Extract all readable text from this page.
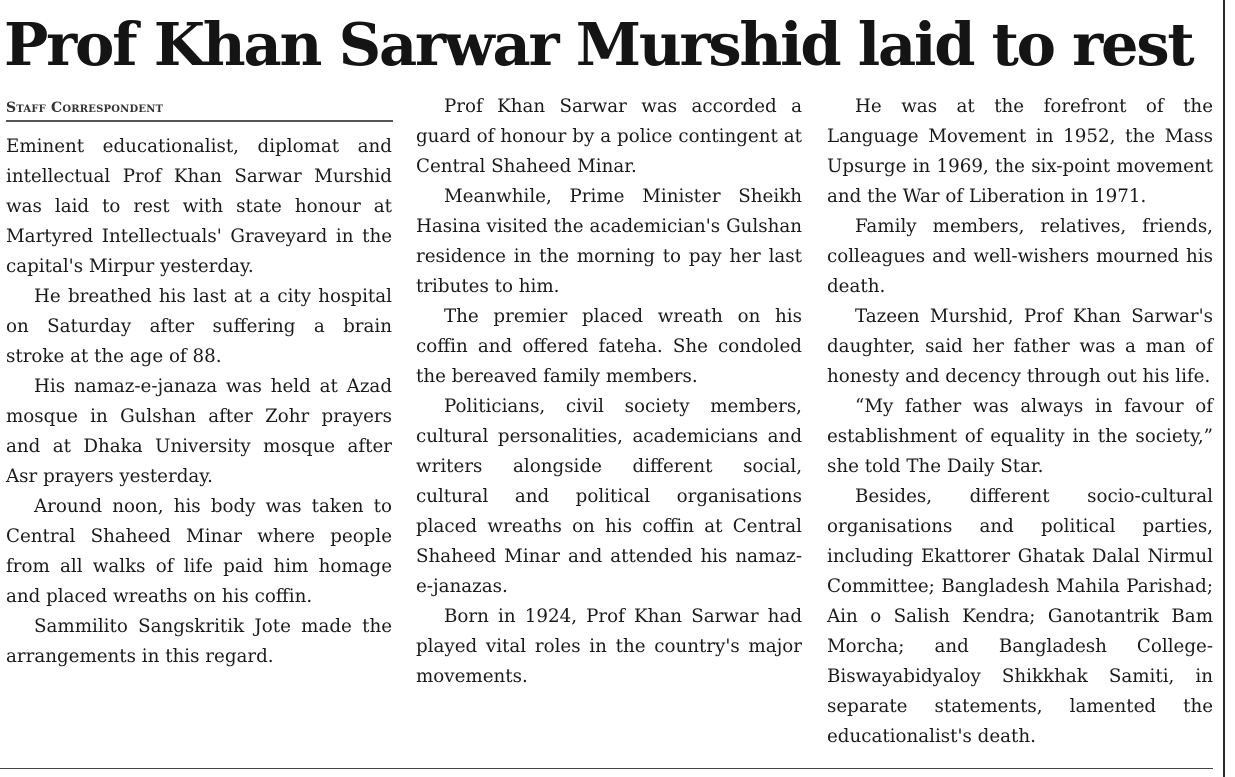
Prof Khan Sarwar Murshid laid to rest
Staff Correspondent

Eminent educationalist, diplomat and intellectual Prof Khan Sarwar Murshid was laid to rest with state honour at Martyred Intellectuals' Graveyard in the capital's Mirpur yesterday.

He breathed his last at a city hospital on Saturday after suffering a brain stroke at the age of 88.

His namaz-e-janaza was held at Azad mosque in Gulshan after Zohr prayers and at Dhaka University mosque after Asr prayers yesterday.

Around noon, his body was taken to Central Shaheed Minar where people from all walks of life paid him homage and placed wreaths on his coffin.

Sammilito Sangskritik Jote made the arrangements in this regard.

Prof Khan Sarwar was accorded a guard of honour by a police contingent at Central Shaheed Minar.

Meanwhile, Prime Minister Sheikh Hasina visited the academician's Gulshan residence in the morning to pay her last tributes to him.

The premier placed wreath on his coffin and offered fateha. She condoled the bereaved family members.

Politicians, civil society members, cultural personalities, academicians and writers alongside different social, cultural and political organisations placed wreaths on his coffin at Central Shaheed Minar and attended his namaz-e-janazas.

Born in 1924, Prof Khan Sarwar had played vital roles in the country's major movements.

He was at the forefront of the Language Movement in 1952, the Mass Upsurge in 1969, the six-point movement and the War of Liberation in 1971.

Family members, relatives, friends, colleagues and well-wishers mourned his death.

Tazeen Murshid, Prof Khan Sarwar's daughter, said her father was a man of honesty and decency through out his life.

“My father was always in favour of establishment of equality in the society,” she told The Daily Star.

Besides, different socio-cultural organisations and political parties, including Ekattorer Ghatak Dalal Nirmul Committee; Bangladesh Mahila Parishad; Ain o Salish Kendra; Ganotantrik Bam Morcha; and Bangladesh College-Biswayabidyaloy Shikkhak Samiti, in separate statements, lamented the educationalist's death.
